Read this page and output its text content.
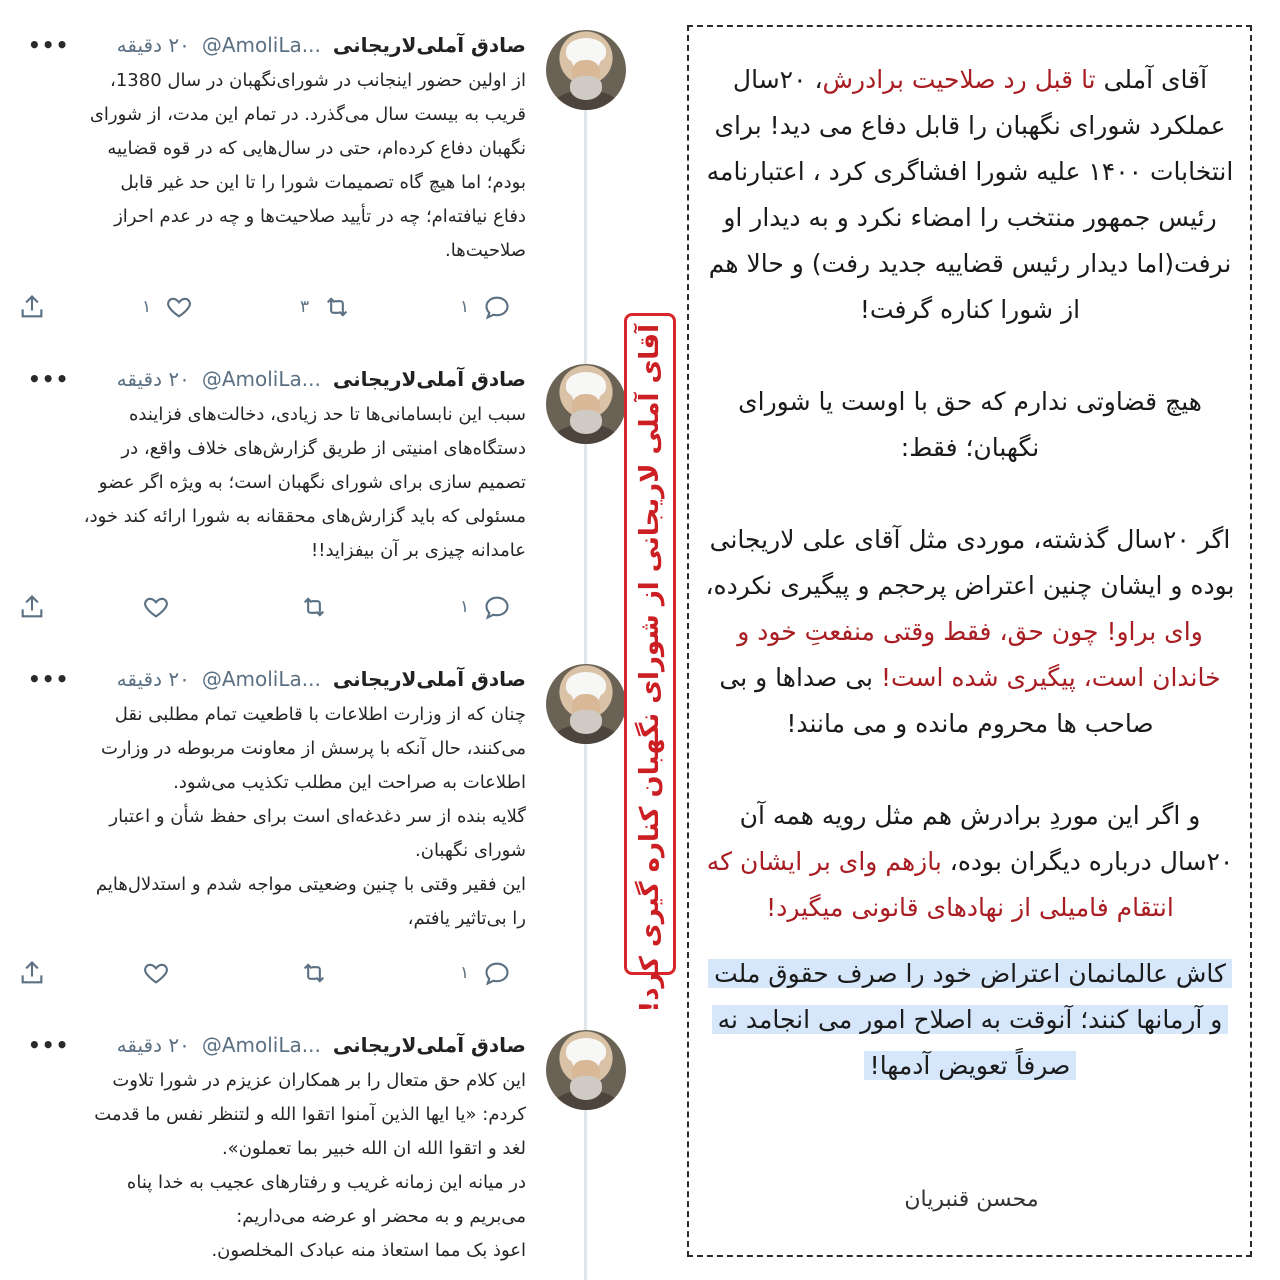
صادق آملی‌لاریجانی
@AmoliLa...
۲۰ دقیقه
•••
از اولین حضور اینجانب در شورای‌نگهبان در سال 1380،
قریب به بیست سال می‌گذرد. در تمام این مدت، از شورای
نگهبان دفاع کرده‌ام، حتی در سال‌هایی که در قوه قضاییه
بودم؛ اما هیچ گاه تصمیمات شورا را تا این حد غیر قابل
دفاع نیافته‌ام؛ چه در تأیید صلاحیت‌ها و چه در عدم احراز
صلاحیت‌ها.
۱	۳	۱
صادق آملی‌لاریجانی
@AmoliLa...
۲۰ دقیقه
•••
سبب این نابسامانی‌ها تا حد زیادی، دخالت‌های فزاینده
دستگاه‌های امنیتی از طریق گزارش‌های خلاف واقع، در
تصمیم سازی برای شورای نگهبان است؛ به ویژه اگر عضو
مسئولی که باید گزارش‌های محققانه به شورا ارائه کند خود،
عامدانه چیزی بر آن بیفزاید!!
۱
صادق آملی‌لاریجانی
@AmoliLa...
۲۰ دقیقه
•••
چنان که از وزارت اطلاعات با قاطعیت تمام مطلبی نقل
می‌کنند، حال آنکه با پرسش از معاونت مربوطه در وزارت
اطلاعات به صراحت این مطلب تکذیب می‌شود.
گلایه بنده از سر دغدغه‌ای است برای حفظ شأن و اعتبار
شورای نگهبان.
این فقیر وقتی با چنین وضعیتی مواجه شدم و استدلال‌هایم
را بی‌تاثیر یافتم،
۱
صادق آملی‌لاریجانی
@AmoliLa...
۲۰ دقیقه
•••
این کلام حق متعال را بر همکاران عزیزم در شورا تلاوت
کردم: «یا ایها الذین آمنوا اتقوا الله و لتنظر نفس ما قدمت
لغد و اتقوا الله ان الله خبیر بما تعملون».
در میانه این زمانه غریب و رفتارهای عجیب به خدا پناه
می‌بریم و به محضر او عرضه می‌داریم:
اعوذ بک مما استعاذ منه عبادک المخلصون.
آقای آملی لاریجانی از شورای نگهبان کناره گیری کرد!

آقای آملی تا قبل رد صلاحیت برادرش، ۲۰سال عملکرد شورای نگهبان را قابل دفاع می دید! برای انتخابات ۱۴۰۰ علیه شورا افشاگری کرد ، اعتبارنامه رئیس جمهور منتخب را امضاء نکرد و به دیدار او نرفت(اما دیدار رئیس قضاییه جدید رفت) و حالا هم از شورا کناره گرفت!

هیچ قضاوتی ندارم که حق با اوست یا شورای نگهبان؛ فقط:

اگر ۲۰سال گذشته، موردی مثل آقای علی لاریجانی بوده و ایشان چنین اعتراض پرحجم و پیگیری نکرده، وای براو! چون حق، فقط وقتی منفعتِ خود و خاندان است، پیگیری شده است! بی صداها و بی صاحب ها محروم مانده و می مانند!

و اگر این موردِ برادرش هم مثل رویه همه آن ۲۰سال درباره دیگران بوده، بازهم وای بر ایشان که انتقام فامیلی از نهادهای قانونی میگیرد!

کاش عالمانمان اعتراض خود را صرف حقوق ملت و آرمانها کنند؛ آنوقت به اصلاح امور می انجامد نه صرفاً تعویض آدمها!

محسن قنبریان
